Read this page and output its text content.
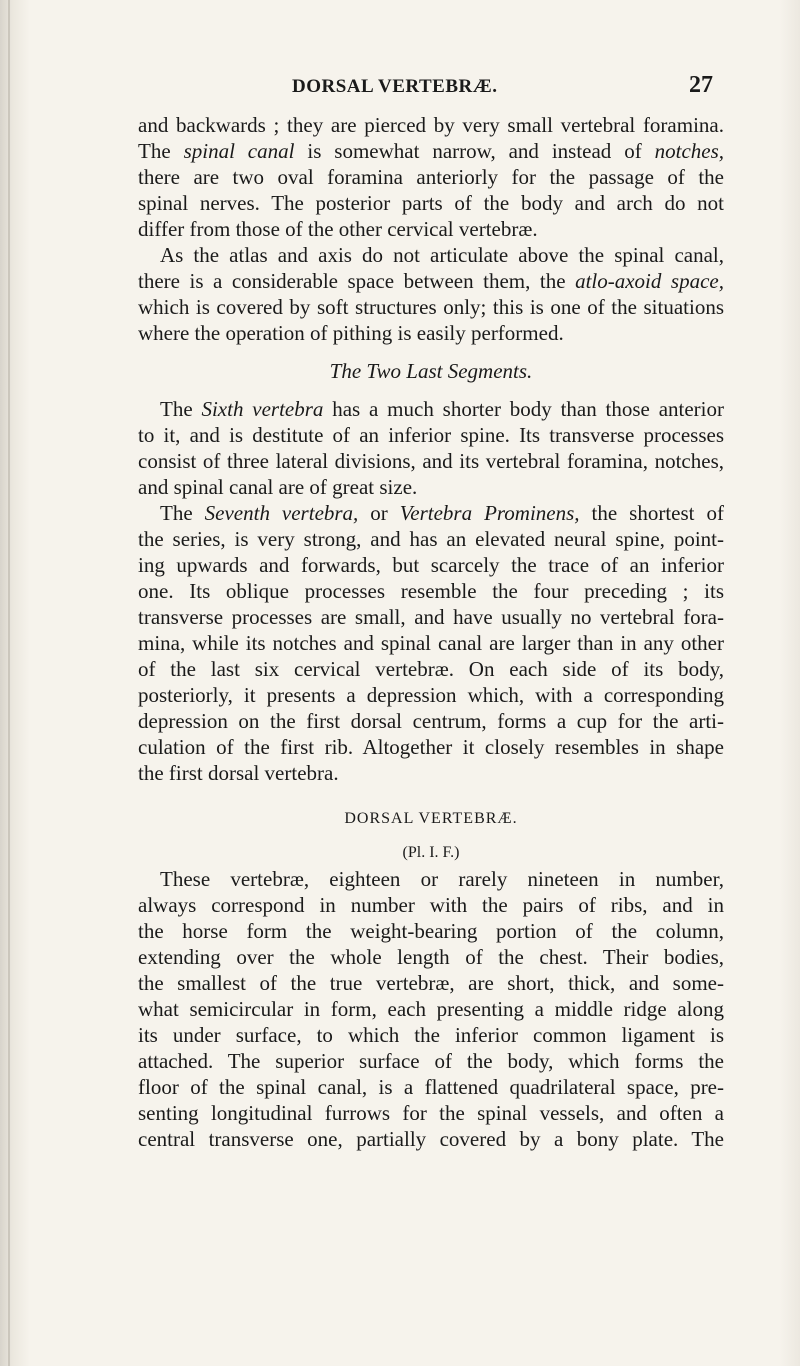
DORSAL VERTEBRÆ.	27
and backwards ; they are pierced by very small vertebral foramina.
The spinal canal is somewhat narrow, and instead of notches,
there are two oval foramina anteriorly for the passage of the
spinal nerves. The posterior parts of the body and arch do not
differ from those of the other cervical vertebræ.
As the atlas and axis do not articulate above the spinal canal,
there is a considerable space between them, the atlo-axoid space,
which is covered by soft structures only; this is one of the situations
where the operation of pithing is easily performed.
The Two Last Segments.
The Sixth vertebra has a much shorter body than those anterior
to it, and is destitute of an inferior spine. Its transverse processes
consist of three lateral divisions, and its vertebral foramina, notches,
and spinal canal are of great size.
The Seventh vertebra, or Vertebra Prominens, the shortest of
the series, is very strong, and has an elevated neural spine, point-
ing upwards and forwards, but scarcely the trace of an inferior
one. Its oblique processes resemble the four preceding ; its
transverse processes are small, and have usually no vertebral fora-
mina, while its notches and spinal canal are larger than in any other
of the last six cervical vertebræ. On each side of its body,
posteriorly, it presents a depression which, with a corresponding
depression on the first dorsal centrum, forms a cup for the arti-
culation of the first rib. Altogether it closely resembles in shape
the first dorsal vertebra.
DORSAL VERTEBRÆ.
(Pl. I. F.)
These vertebræ, eighteen or rarely nineteen in number,
always correspond in number with the pairs of ribs, and in
the horse form the weight-bearing portion of the column,
extending over the whole length of the chest. Their bodies,
the smallest of the true vertebræ, are short, thick, and some-
what semicircular in form, each presenting a middle ridge along
its under surface, to which the inferior common ligament is
attached. The superior surface of the body, which forms the
floor of the spinal canal, is a flattened quadrilateral space, pre-
senting longitudinal furrows for the spinal vessels, and often a
central transverse one, partially covered by a bony plate. The
